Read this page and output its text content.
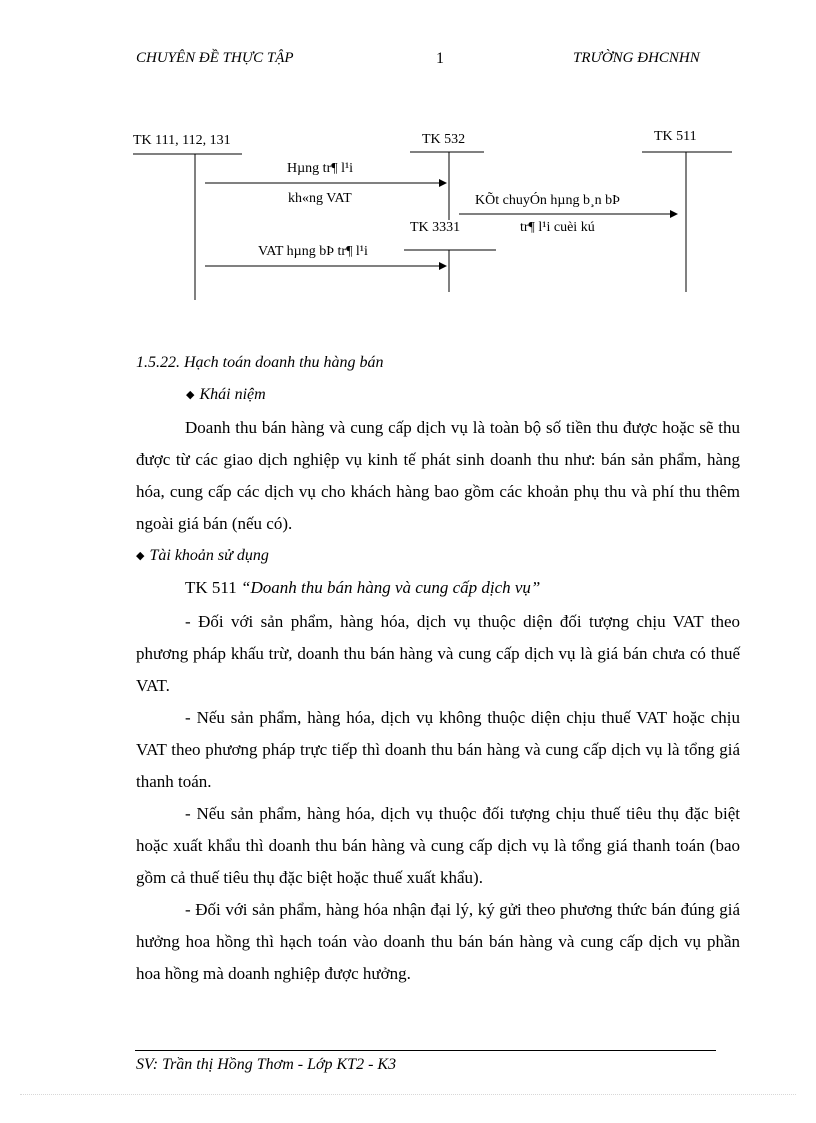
CHUYÊN ĐỀ THỰC TẬP	1	TRƯỜNG ĐHCNHN
TK 111, 112, 131	TK 532	TK 511
TK 3331
Hµng tr¶ l¹i
kh«ng VAT	KÕt chuyÓn hµng b¸n bÞ
tr¶ l¹i cuèi kú
VAT hµng bÞ tr¶ l¹i
1.5.22. Hạch toán doanh thu hàng bán
◆ Khái niệm
Doanh thu bán hàng và cung cấp dịch vụ là toàn bộ số tiền thu được hoặc sẽ thu được từ các giao dịch nghiệp vụ kinh tế phát sinh doanh thu như: bán sản phẩm, hàng hóa, cung cấp các dịch vụ cho khách hàng bao gồm các khoản phụ thu và phí thu thêm ngoài giá bán (nếu có).
◆ Tài khoản sử dụng
TK 511 “Doanh thu bán hàng và cung cấp dịch vụ”
- Đối với sản phẩm, hàng hóa, dịch vụ thuộc diện đối tượng chịu VAT theo phương pháp khấu trừ, doanh thu bán hàng và cung cấp dịch vụ là giá bán chưa có thuế VAT.
- Nếu sản phẩm, hàng hóa, dịch vụ không thuộc diện chịu thuế VAT hoặc chịu VAT theo phương pháp trực tiếp thì doanh thu bán hàng và cung cấp dịch vụ là tổng giá thanh toán.
- Nếu sản phẩm, hàng hóa, dịch vụ thuộc đối tượng chịu thuế tiêu thụ đặc biệt hoặc xuất khẩu thì doanh thu bán hàng và cung cấp dịch vụ là tổng giá thanh toán (bao gồm cả thuế tiêu thụ đặc biệt hoặc thuế xuất khẩu).
- Đối với sản phẩm, hàng hóa nhận đại lý, ký gửi theo phương thức bán đúng giá hưởng hoa hồng thì hạch toán vào doanh thu bán bán hàng và cung cấp dịch vụ phần hoa hồng mà doanh nghiệp được hưởng.
SV: Trần thị Hồng Thơm - Lớp KT2 - K3
